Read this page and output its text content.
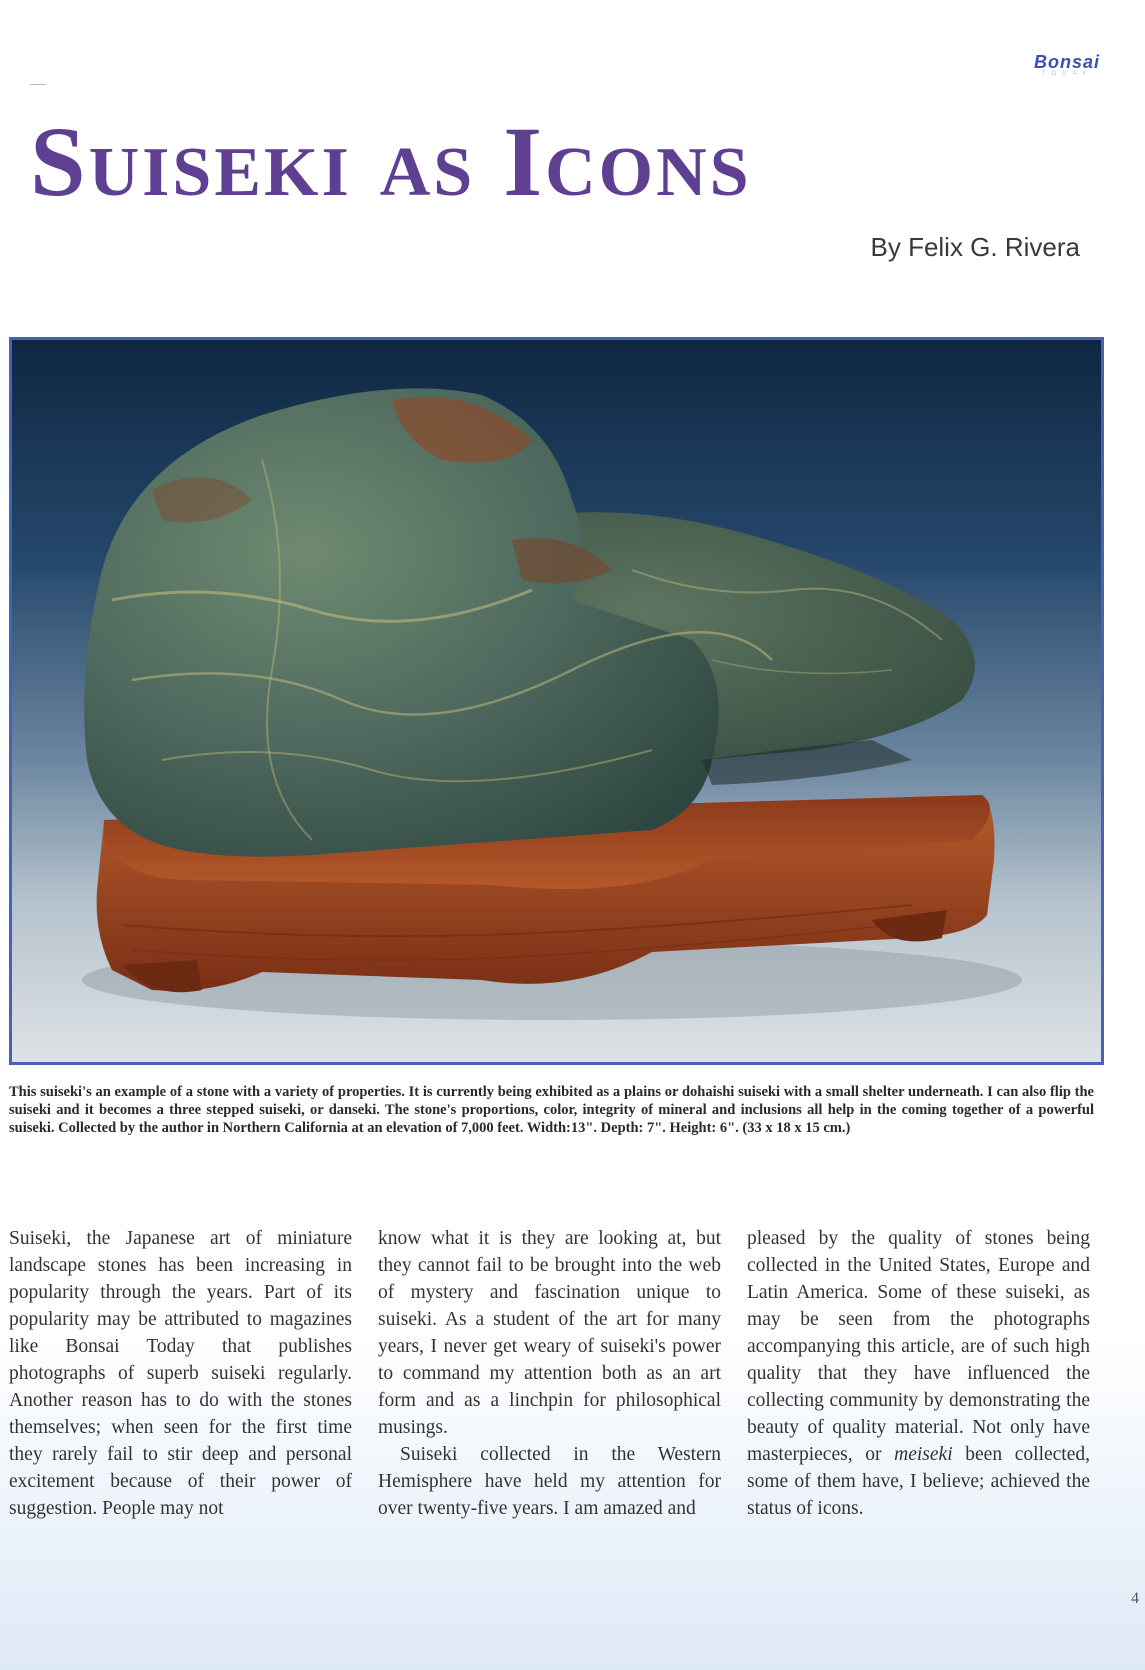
Bonsai
TODAY
Suiseki as Icons
By Felix G. Rivera

This suiseki's an example of a stone with a variety of properties. It is currently being exhibited as a plains or dohaishi suiseki with a small shelter underneath. I can also flip the suiseki and it becomes a three stepped suiseki, or danseki. The stone's proportions, color, integrity of mineral and inclusions all help in the coming together of a powerful suiseki. Collected by the author in Northern California at an elevation of 7,000 feet. Width:13". Depth: 7". Height: 6". (33 x 18 x 15 cm.)

Suiseki, the Japanese art of miniature landscape stones has been increasing in popularity through the years. Part of its popularity may be attributed to magazines like Bonsai Today that publishes photographs of superb suiseki regularly. Another reason has to do with the stones themselves; when seen for the first time they rarely fail to stir deep and personal excitement because of their power of suggestion. People may not

know what it is they are looking at, but they cannot fail to be brought into the web of mystery and fascination unique to suiseki. As a student of the art for many years, I never get weary of suiseki's power to command my attention both as an art form and as a linchpin for philosophical musings.

Suiseki collected in the Western Hemisphere have held my attention for over twenty-five years. I am amazed and

pleased by the quality of stones being collected in the United States, Europe and Latin America. Some of these suiseki, as may be seen from the photographs accompanying this article, are of such high quality that they have influenced the collecting community by demonstrating the beauty of quality material. Not only have masterpieces, or meiseki been collected, some of them have, I believe; achieved the status of icons.

4
